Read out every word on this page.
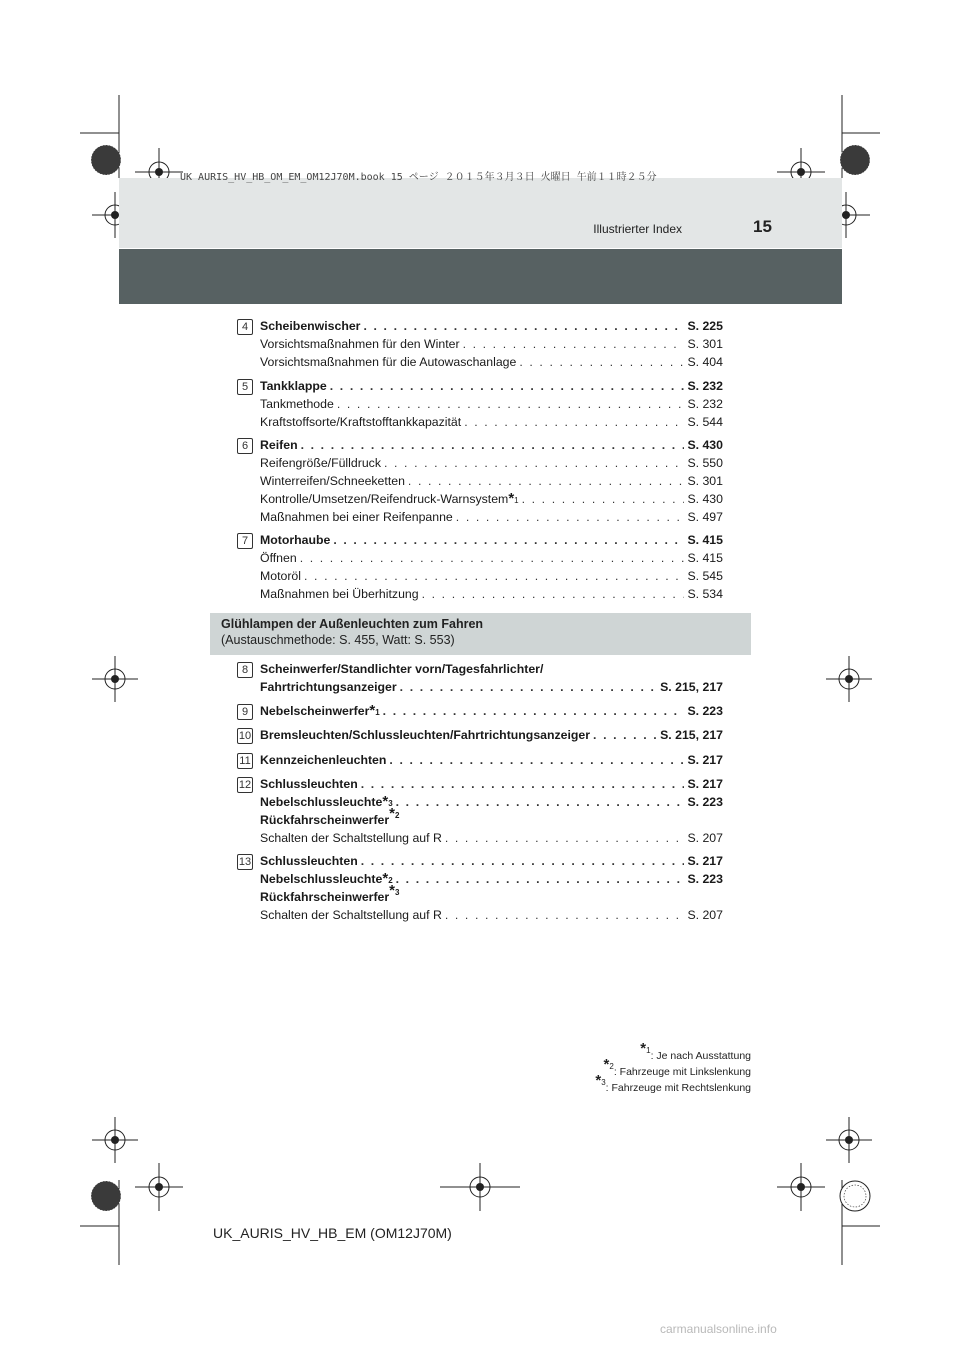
UK AURIS_HV_HB_OM_EM_OM12J70M.book 15 ページ ２０１５年３月３日 火曜日 午前１１時２５分
Illustrierter Index	15
4 Scheibenwischer . . .	S. 225
Vorsichtsmaßnahmen für den Winter . . .	S. 301
Vorsichtsmaßnahmen für die Autowaschanlage . . .	S. 404
5 Tankklappe . . .	S. 232
Tankmethode . . .	S. 232
Kraftstoffsorte/Kraftstofftankkapazität . . .	S. 544
6 Reifen . . .	S. 430
Reifengröße/Fülldruck . . .	S. 550
Winterreifen/Schneeketten . . .	S. 301
Kontrolle/Umsetzen/Reifendruck-Warnsystem *1 . . .	S. 430
Maßnahmen bei einer Reifenpanne . . .	S. 497
7 Motorhaube . . .	S. 415
Öffnen . . .	S. 415
Motoröl . . .	S. 545
Maßnahmen bei Überhitzung . . .	S. 534
Glühlampen der Außenleuchten zum Fahren
(Austauschmethode: S. 455, Watt: S. 553)
8 Scheinwerfer/Standlichter vorn/Tagesfahrlichter/
Fahrtrichtungsanzeiger . . .	S. 215, 217
9 Nebelscheinwerfer *1 . . .	S. 223
10 Bremsleuchten/Schlussleuchten/Fahrtrichtungsanzeiger . . .	S. 215, 217
11 Kennzeichenleuchten . . .	S. 217
12 Schlussleuchten . . .	S. 217
Nebelschlussleuchte *3 . . .	S. 223
Rückfahrscheinwerfer$^{*2}$
Schalten der Schaltstellung auf R . . .	S. 207
13 Schlussleuchten . . .	S. 217
Nebelschlussleuchte *2 . . .	S. 223
Rückfahrscheinwerfer$^{*3}$
Schalten der Schaltstellung auf R . . .	S. 207
$^{*1}$: Je nach Ausstattung
$^{*2}$: Fahrzeuge mit Linkslenkung
$^{*3}$: Fahrzeuge mit Rechtslenkung
UK_AURIS_HV_HB_EM (OM12J70M)
carmanualsonline.info
